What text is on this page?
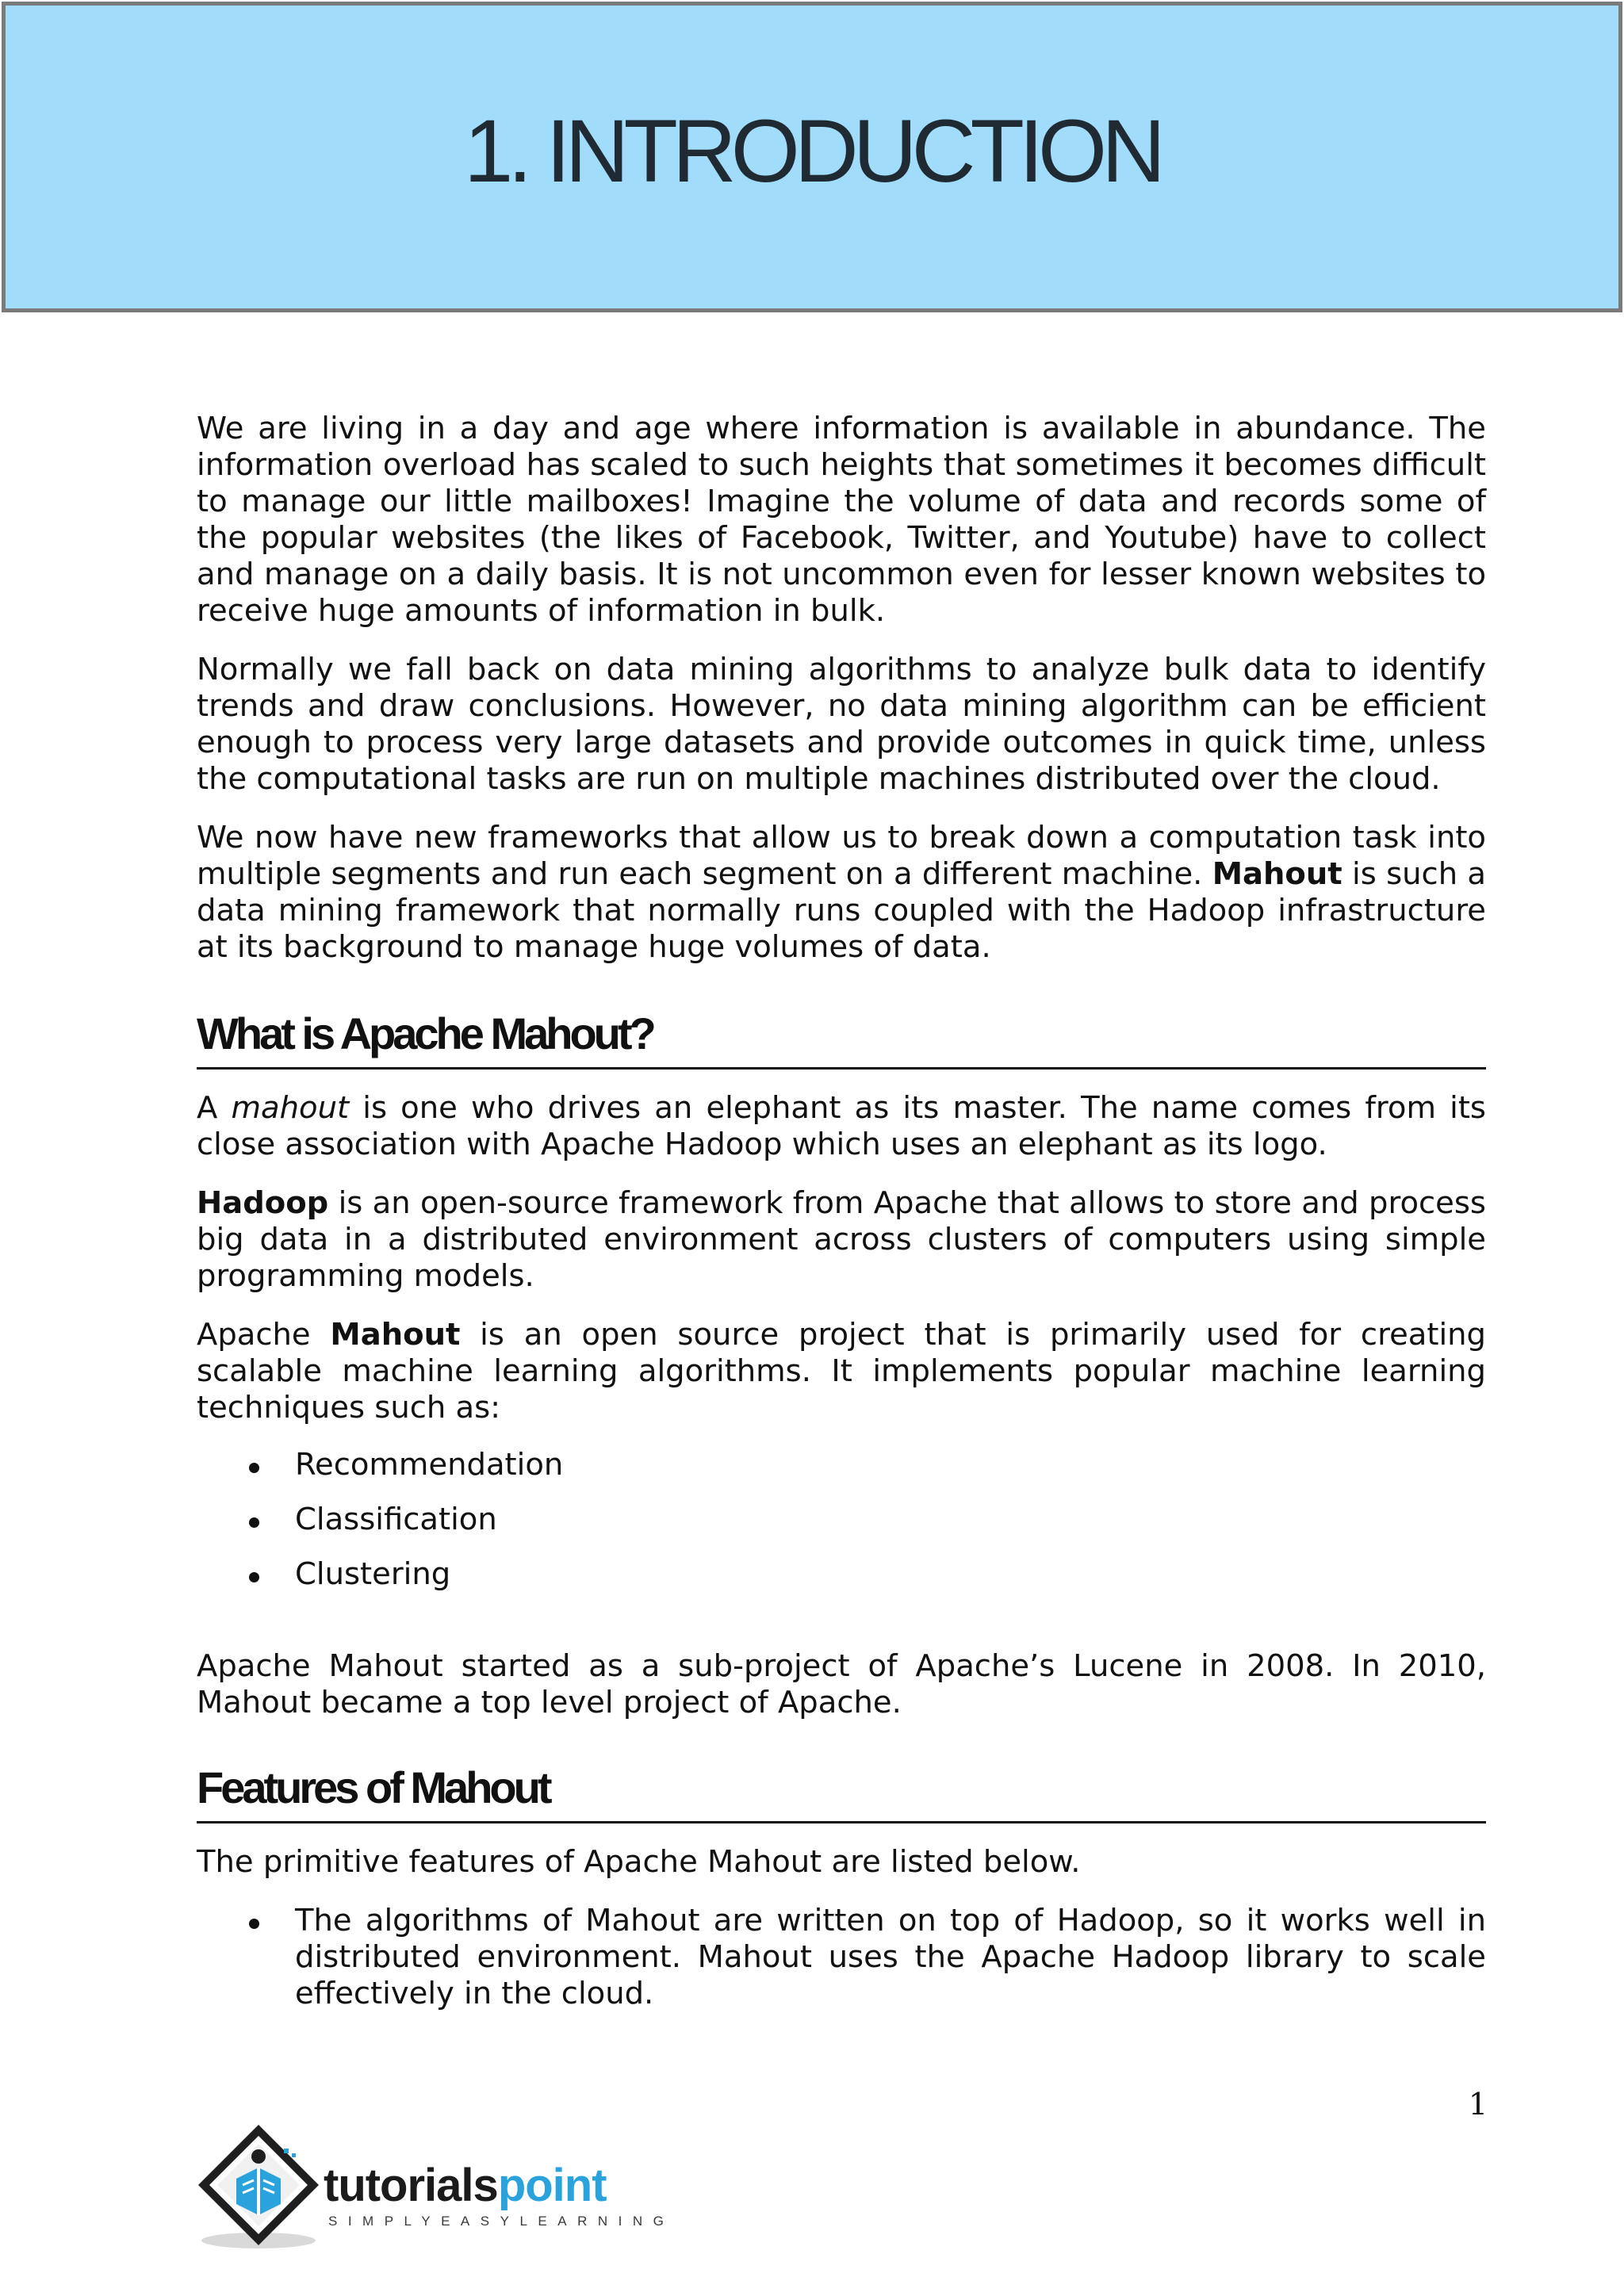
1. INTRODUCTION

We are living in a day and age where information is available in abundance. The information overload has scaled to such heights that sometimes it becomes difficult to manage our little mailboxes! Imagine the volume of data and records some of the popular websites (the likes of Facebook, Twitter, and Youtube) have to collect and manage on a daily basis. It is not uncommon even for lesser known websites to receive huge amounts of information in bulk.

Normally we fall back on data mining algorithms to analyze bulk data to identify trends and draw conclusions. However, no data mining algorithm can be efficient enough to process very large datasets and provide outcomes in quick time, unless the computational tasks are run on multiple machines distributed over the cloud.

We now have new frameworks that allow us to break down a computation task into multiple segments and run each segment on a different machine. Mahout is such a data mining framework that normally runs coupled with the Hadoop infrastructure at its background to manage huge volumes of data.

What is Apache Mahout?

A mahout is one who drives an elephant as its master. The name comes from its close association with Apache Hadoop which uses an elephant as its logo.

Hadoop is an open-source framework from Apache that allows to store and process big data in a distributed environment across clusters of computers using simple programming models.

Apache Mahout is an open source project that is primarily used for creating scalable machine learning algorithms. It implements popular machine learning techniques such as:

Recommendation
Classification
Clustering

Apache Mahout started as a sub-project of Apache’s Lucene in 2008. In 2010, Mahout became a top level project of Apache.

Features of Mahout

The primitive features of Apache Mahout are listed below.

The algorithms of Mahout are written on top of Hadoop, so it works well in distributed environment. Mahout uses the Apache Hadoop library to scale effectively in the cloud.
1
tutorialspoint
SIMPLYEASYLEARNING
